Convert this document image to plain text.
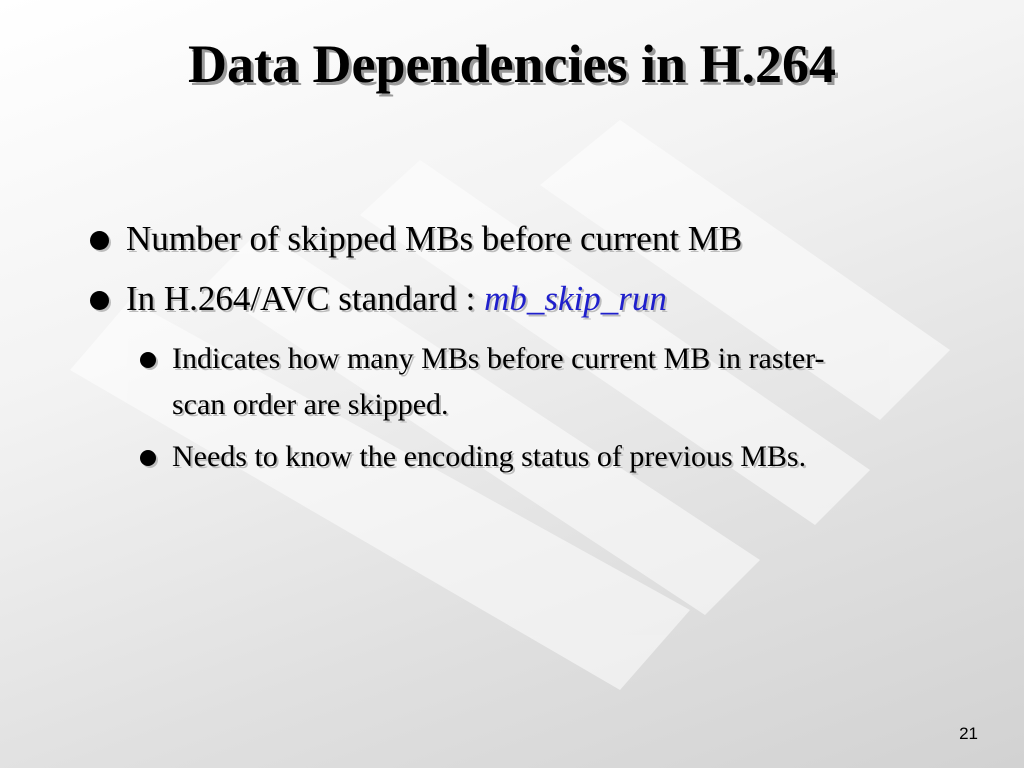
Data Dependencies in H.264
Number of skipped MBs before current MB
In H.264/AVC standard : mb_skip_run
Indicates how many MBs before current MB in raster- scan order are skipped.
Needs to know the encoding status of previous MBs.
21
